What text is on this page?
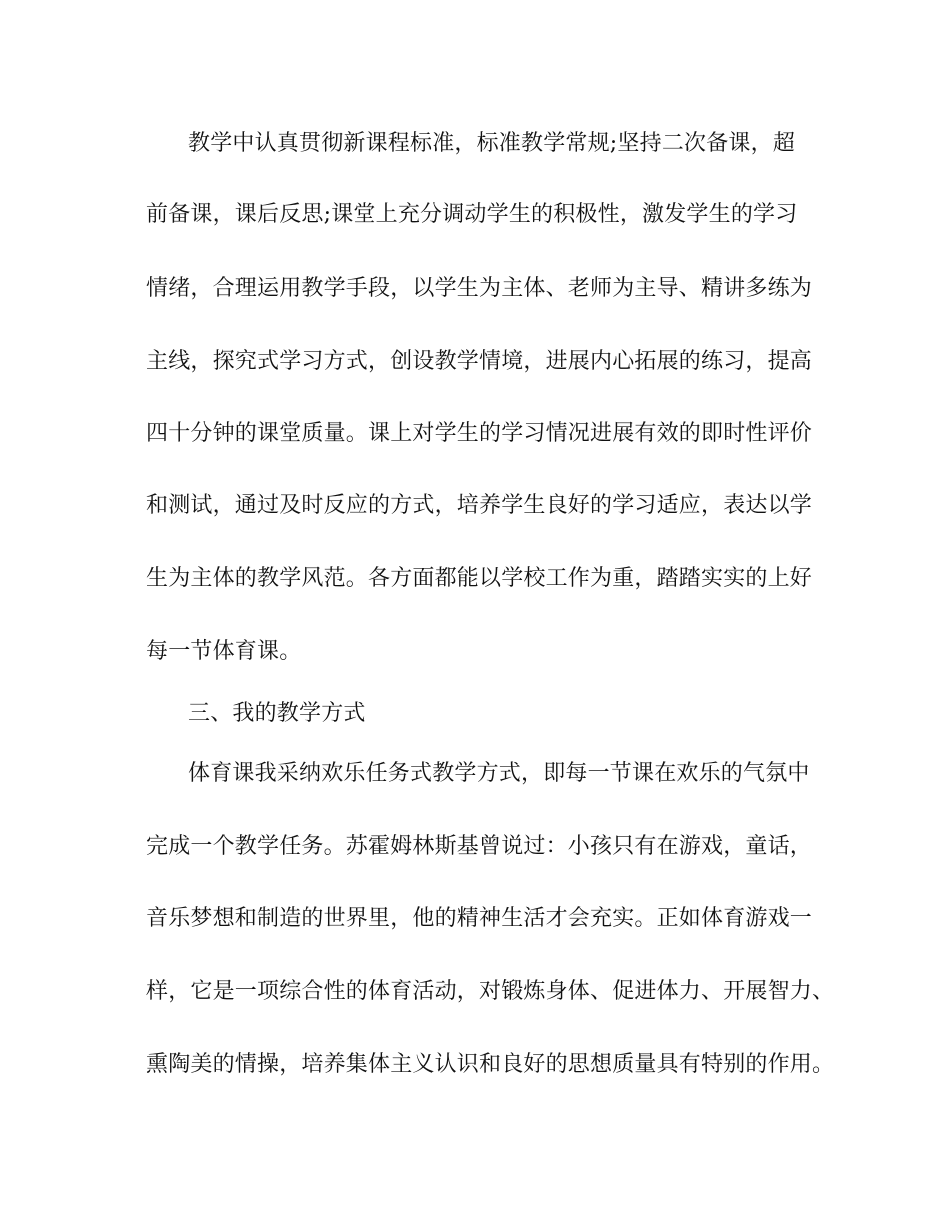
教学中认真贯彻新课程标准，标准教学常规;坚持二次备课，超
前备课，课后反思;课堂上充分调动学生的积极性，激发学生的学习
情绪，合理运用教学手段，以学生为主体、老师为主导、精讲多练为
主线，探究式学习方式，创设教学情境，进展内心拓展的练习，提高
四十分钟的课堂质量。课上对学生的学习情况进展有效的即时性评价
和测试，通过及时反应的方式，培养学生良好的学习适应，表达以学
生为主体的教学风范。各方面都能以学校工作为重，踏踏实实的上好
每一节体育课。
三、我的教学方式
体育课我采纳欢乐任务式教学方式，即每一节课在欢乐的气氛中
完成一个教学任务。苏霍姆林斯基曾说过：小孩只有在游戏，童话，
音乐梦想和制造的世界里，他的精神生活才会充实。正如体育游戏一
样，它是一项综合性的体育活动，对锻炼身体、促进体力、开展智力、
熏陶美的情操，培养集体主义认识和良好的思想质量具有特别的作用。
